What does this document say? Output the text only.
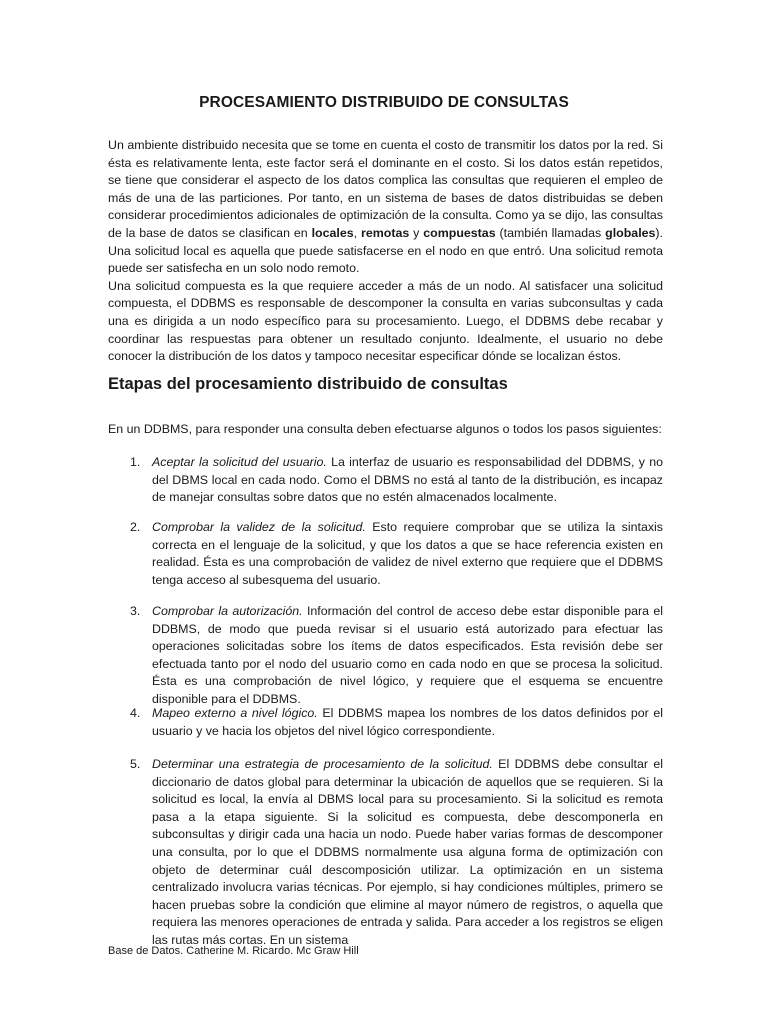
PROCESAMIENTO DISTRIBUIDO DE CONSULTAS

Un ambiente distribuido necesita que se tome en cuenta el costo de transmitir los datos por la red. Si ésta es relativamente lenta, este factor será el dominante en el costo. Si los datos están repetidos, se tiene que considerar el aspecto de los datos complica las consultas que requieren el empleo de más de una de las particiones. Por tanto, en un sistema de bases de datos distribuidas se deben considerar procedimientos adicionales de optimización de la consulta. Como ya se dijo, las consultas de la base de datos se clasifican en locales, remotas y compuestas (también llamadas globales). Una solicitud local es aquella que puede satisfacerse en el nodo en que entró. Una solicitud remota puede ser satisfecha en un solo nodo remoto.

Una solicitud compuesta es la que requiere acceder a más de un nodo. Al satisfacer una solicitud compuesta, el DDBMS es responsable de descomponer la consulta en varias subconsultas y cada una es dirigida a un nodo específico para su procesamiento. Luego, el DDBMS debe recabar y coordinar las respuestas para obtener un resultado conjunto. Idealmente, el usuario no debe conocer la distribución de los datos y tampoco necesitar especificar dónde se localizan éstos.

Etapas del procesamiento distribuido de consultas

En un DDBMS, para responder una consulta deben efectuarse algunos o todos los pasos siguientes:

1. Aceptar la solicitud del usuario. La interfaz de usuario es responsabilidad del DDBMS, y no del DBMS local en cada nodo. Como el DBMS no está al tanto de la distribución, es incapaz de manejar consultas sobre datos que no estén almacenados localmente.
2. Comprobar la validez de la solicitud. Esto requiere comprobar que se utiliza la sintaxis correcta en el lenguaje de la solicitud, y que los datos a que se hace referencia existen en realidad. Ésta es una comprobación de validez de nivel externo que requiere que el DDBMS tenga acceso al subesquema del usuario.
3. Comprobar la autorización. Información del control de acceso debe estar disponible para el DDBMS, de modo que pueda revisar si el usuario está autorizado para efectuar las operaciones solicitadas sobre los ítems de datos especificados. Esta revisión debe ser efectuada tanto por el nodo del usuario como en cada nodo en que se procesa la solicitud. Ésta es una comprobación de nivel lógico, y requiere que el esquema se encuentre disponible para el DDBMS.
4. Mapeo externo a nivel lógico. El DDBMS mapea los nombres de los datos definidos por el usuario y ve hacia los objetos del nivel lógico correspondiente.
5. Determinar una estrategia de procesamiento de la solicitud. El DDBMS debe consultar el diccionario de datos global para determinar la ubicación de aquellos que se requieren. Si la solicitud es local, la envía al DBMS local para su procesamiento. Si la solicitud es remota pasa a la etapa siguiente. Si la solicitud es compuesta, debe descomponerla en subconsultas y dirigir cada una hacia un nodo. Puede haber varias formas de descomponer una consulta, por lo que el DDBMS normalmente usa alguna forma de optimización con objeto de determinar cuál descomposición utilizar. La optimización en un sistema centralizado involucra varias técnicas. Por ejemplo, si hay condiciones múltiples, primero se hacen pruebas sobre la condición que elimine al mayor número de registros, o aquella que requiera las menores operaciones de entrada y salida. Para acceder a los registros se eligen las rutas más cortas. En un sistema
Base de Datos. Catherine M. Ricardo. Mc Graw Hill
